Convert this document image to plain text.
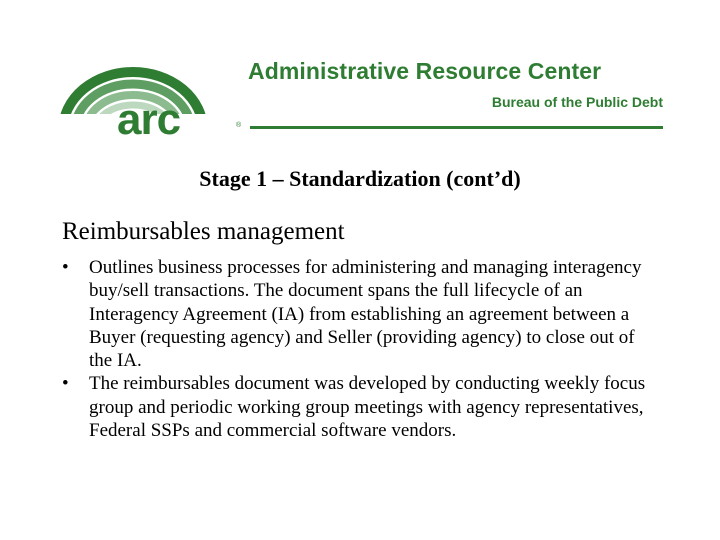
arc	®
Administrative Resource Center
Bureau of the Public Debt
Stage 1 – Standardization (cont’d)
Reimbursables management
• Outlines business processes for administering and managing interagency buy/sell transactions. The document spans the full lifecycle of an Interagency Agreement (IA) from establishing an agreement between a Buyer (requesting agency) and Seller (providing agency) to close out of the IA.
• The reimbursables document was developed by conducting weekly focus group and periodic working group meetings with agency representatives, Federal SSPs and commercial software vendors.
